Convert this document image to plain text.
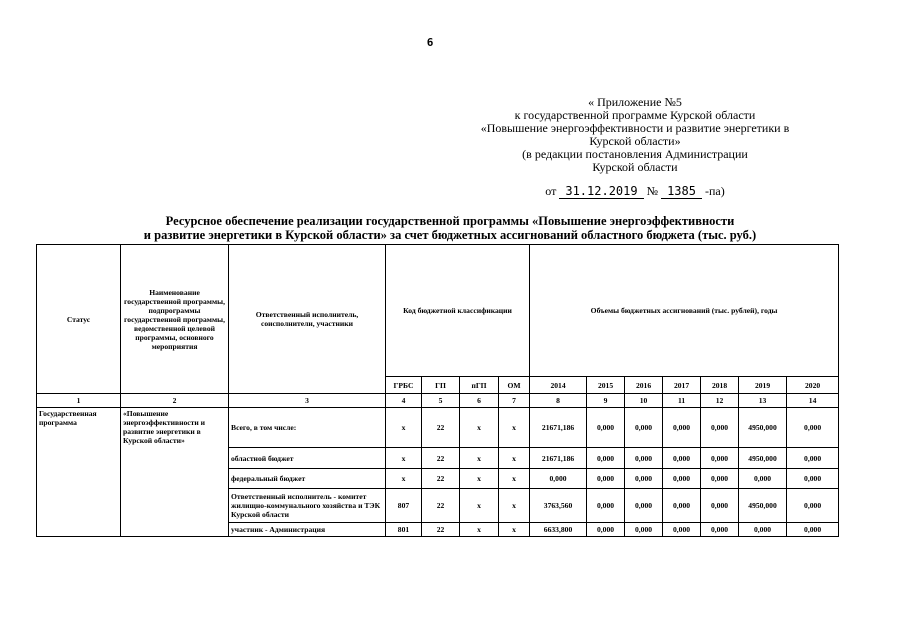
6
« Приложение №5
к государственной программе Курской области
«Повышение энергоэффективности и развитие энергетики в
Курской области»
(в редакции постановления Администрации
Курской области
от 31.12.2019 № 1385 -па)
Ресурсное обеспечение реализации государственной программы «Повышение энергоэффективности
и развитие энергетики в Курской области» за счет бюджетных ассигнований областного бюджета (тыс. руб.)
Статус	Наименование государственной программы, подпрограммы государственной программы, ведомственной целевой программы, основного мероприятия	Ответственный исполнитель, соисполнители, участники	Код бюджетной классификации				Объемы бюджетных ассигнований (тыс. рублей), годы						
			ГРБС	ГП	пГП	ОМ	2014	2015	2016	2017	2018	2019	2020
1	2	3	4	5	6	7	8	9	10	11	12	13	14
Государственная программа	«Повышение энергоэффективности и развитие энергетики в Курской области»	Всего, в том числе:	x	22	x	x	21671,186	0,000	0,000	0,000	0,000	4950,000	0,000
		областной бюджет	x	22	x	x	21671,186	0,000	0,000	0,000	0,000	4950,000	0,000
		федеральный бюджет	x	22	x	x	0,000	0,000	0,000	0,000	0,000	0,000	0,000
		Ответственный исполнитель - комитет жилищно-коммунального хозяйства и ТЭК Курской области	807	22	x	x	3763,560	0,000	0,000	0,000	0,000	4950,000	0,000
		участник - Администрация	801	22	x	x	6633,800	0,000	0,000	0,000	0,000	0,000	0,000
